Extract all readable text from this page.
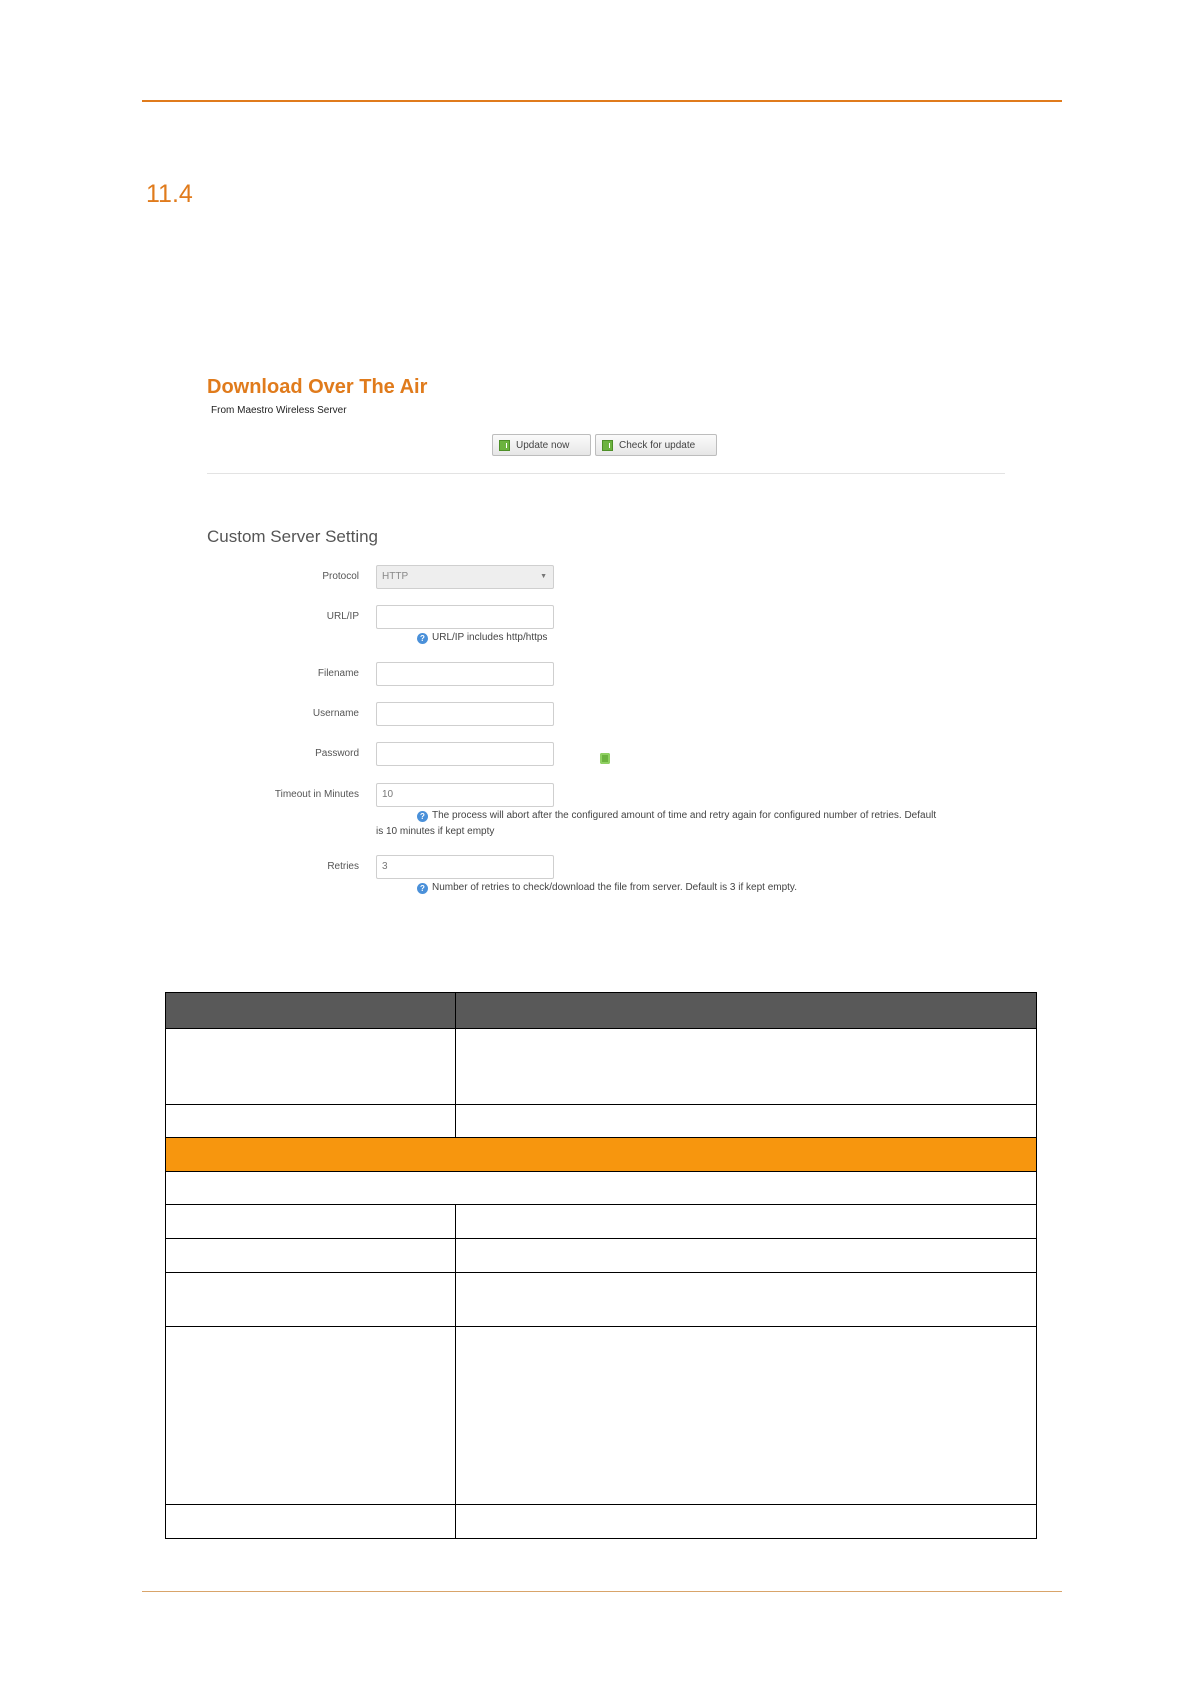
11.4
Download Over The Air
From Maestro Wireless Server
Update now	Check for update
Custom Server Setting
Protocol	HTTP	▼
URL/IP
? URL/IP includes http/https
Filename
Username
Password
Timeout in Minutes	10
? The process will abort after the configured amount of time and retry again for configured number of retries. Default
is 10 minutes if kept empty
Retries	3
? Number of retries to check/download the file from server. Default is 3 if kept empty.
